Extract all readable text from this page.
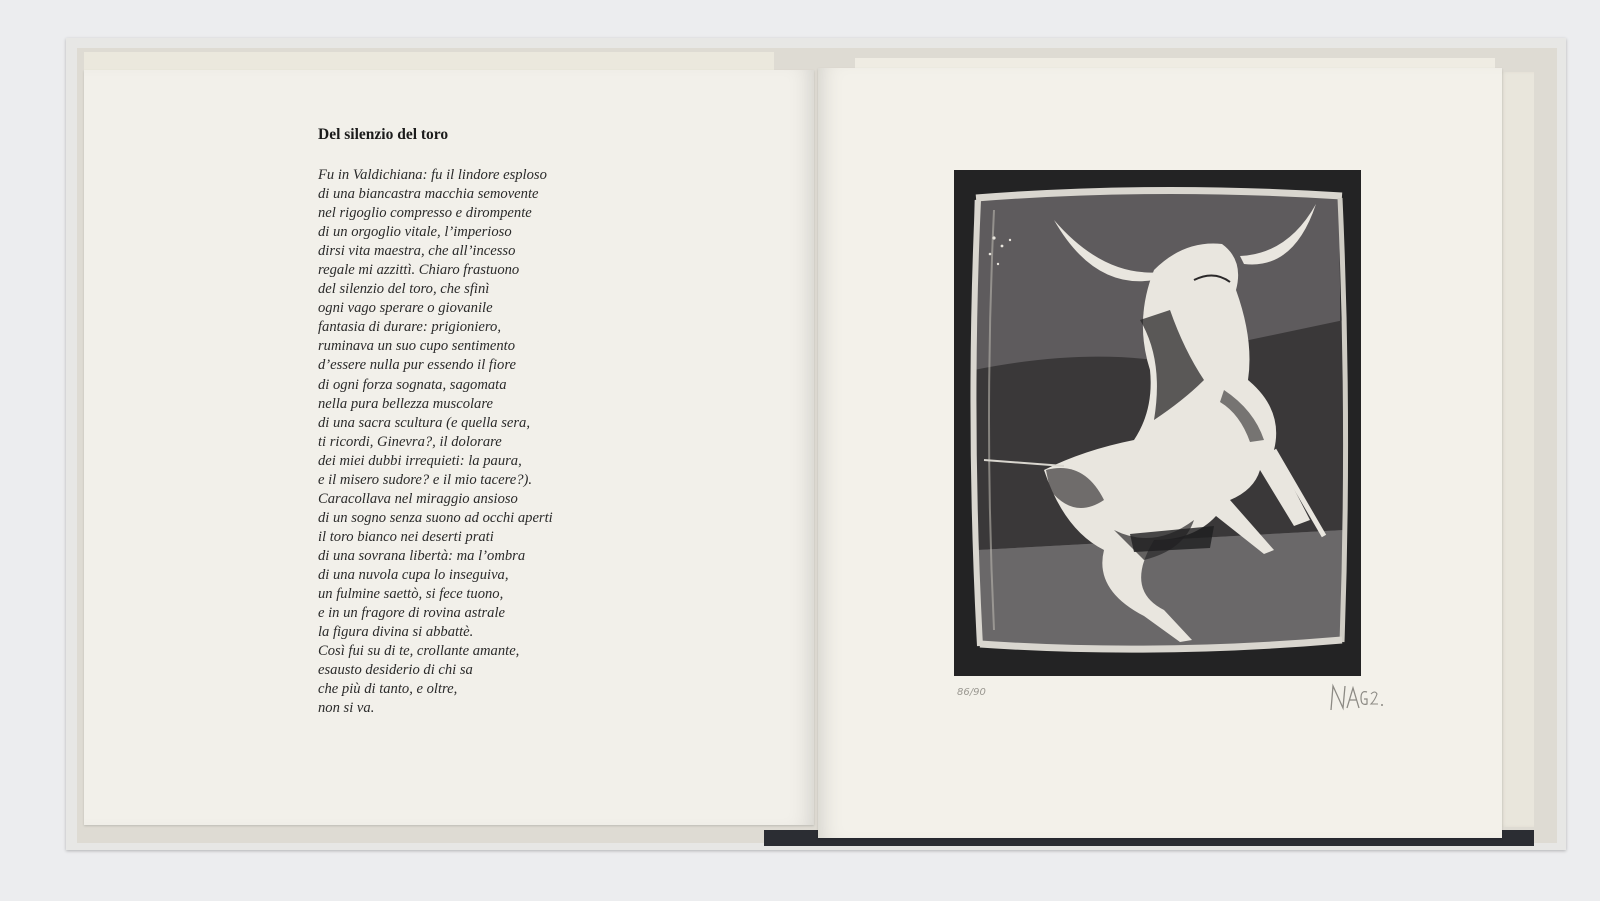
Del silenzio del toro
Fu in Valdichiana: fu il lindore esploso
di una biancastra macchia semovente
nel rigoglio compresso e dirompente
di un orgoglio vitale, l’imperioso
dirsi vita maestra, che all’incesso
regale mi azzittì. Chiaro frastuono
del silenzio del toro, che sfinì
ogni vago sperare o giovanile
fantasia di durare: prigioniero,
ruminava un suo cupo sentimento
d’essere nulla pur essendo il fiore
di ogni forza sognata, sagomata
nella pura bellezza muscolare
di una sacra scultura (e quella sera,
ti ricordi, Ginevra?, il dolorare
dei miei dubbi irrequieti: la paura,
e il misero sudore? e il mio tacere?).
Caracollava nel miraggio ansioso
di un sogno senza suono ad occhi aperti
il toro bianco nei deserti prati
di una sovrana libertà: ma l’ombra
di una nuvola cupa lo inseguiva,
un fulmine saettò, si fece tuono,
e in un fragore di rovina astrale
la figura divina si abbattè.
Così fui su di te, crollante amante,
esausto desiderio di chi sa
che più di tanto, e oltre,
non si va.
86/90
